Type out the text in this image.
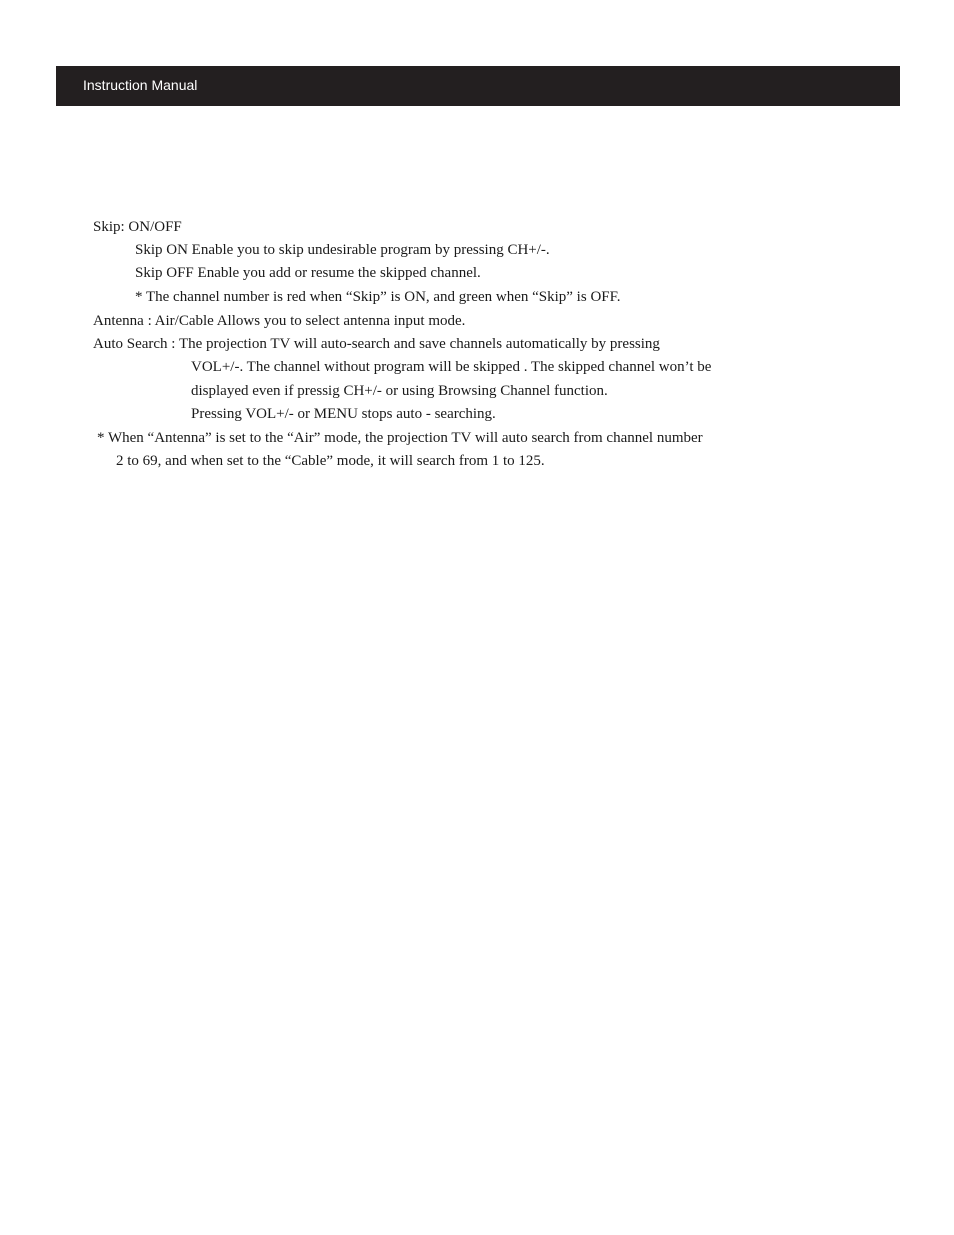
Instruction Manual
Skip: ON/OFF
Skip ON Enable you to skip undesirable program by pressing CH+/-.
Skip OFF Enable you add or resume the skipped channel.
* The channel number is red when “Skip” is ON, and green when “Skip” is OFF.
Antenna : Air/Cable Allows you to select antenna input mode.
Auto Search : The projection TV will auto-search and save channels automatically by pressing
VOL+/-. The channel without program will be skipped . The skipped channel won’t be
displayed even if pressig CH+/- or using Browsing Channel function.
Pressing VOL+/- or MENU stops auto - searching.
* When “Antenna” is set to the “Air” mode, the projection TV will auto search from channel number
2 to 69, and when set to the “Cable” mode, it will search from 1 to 125.
